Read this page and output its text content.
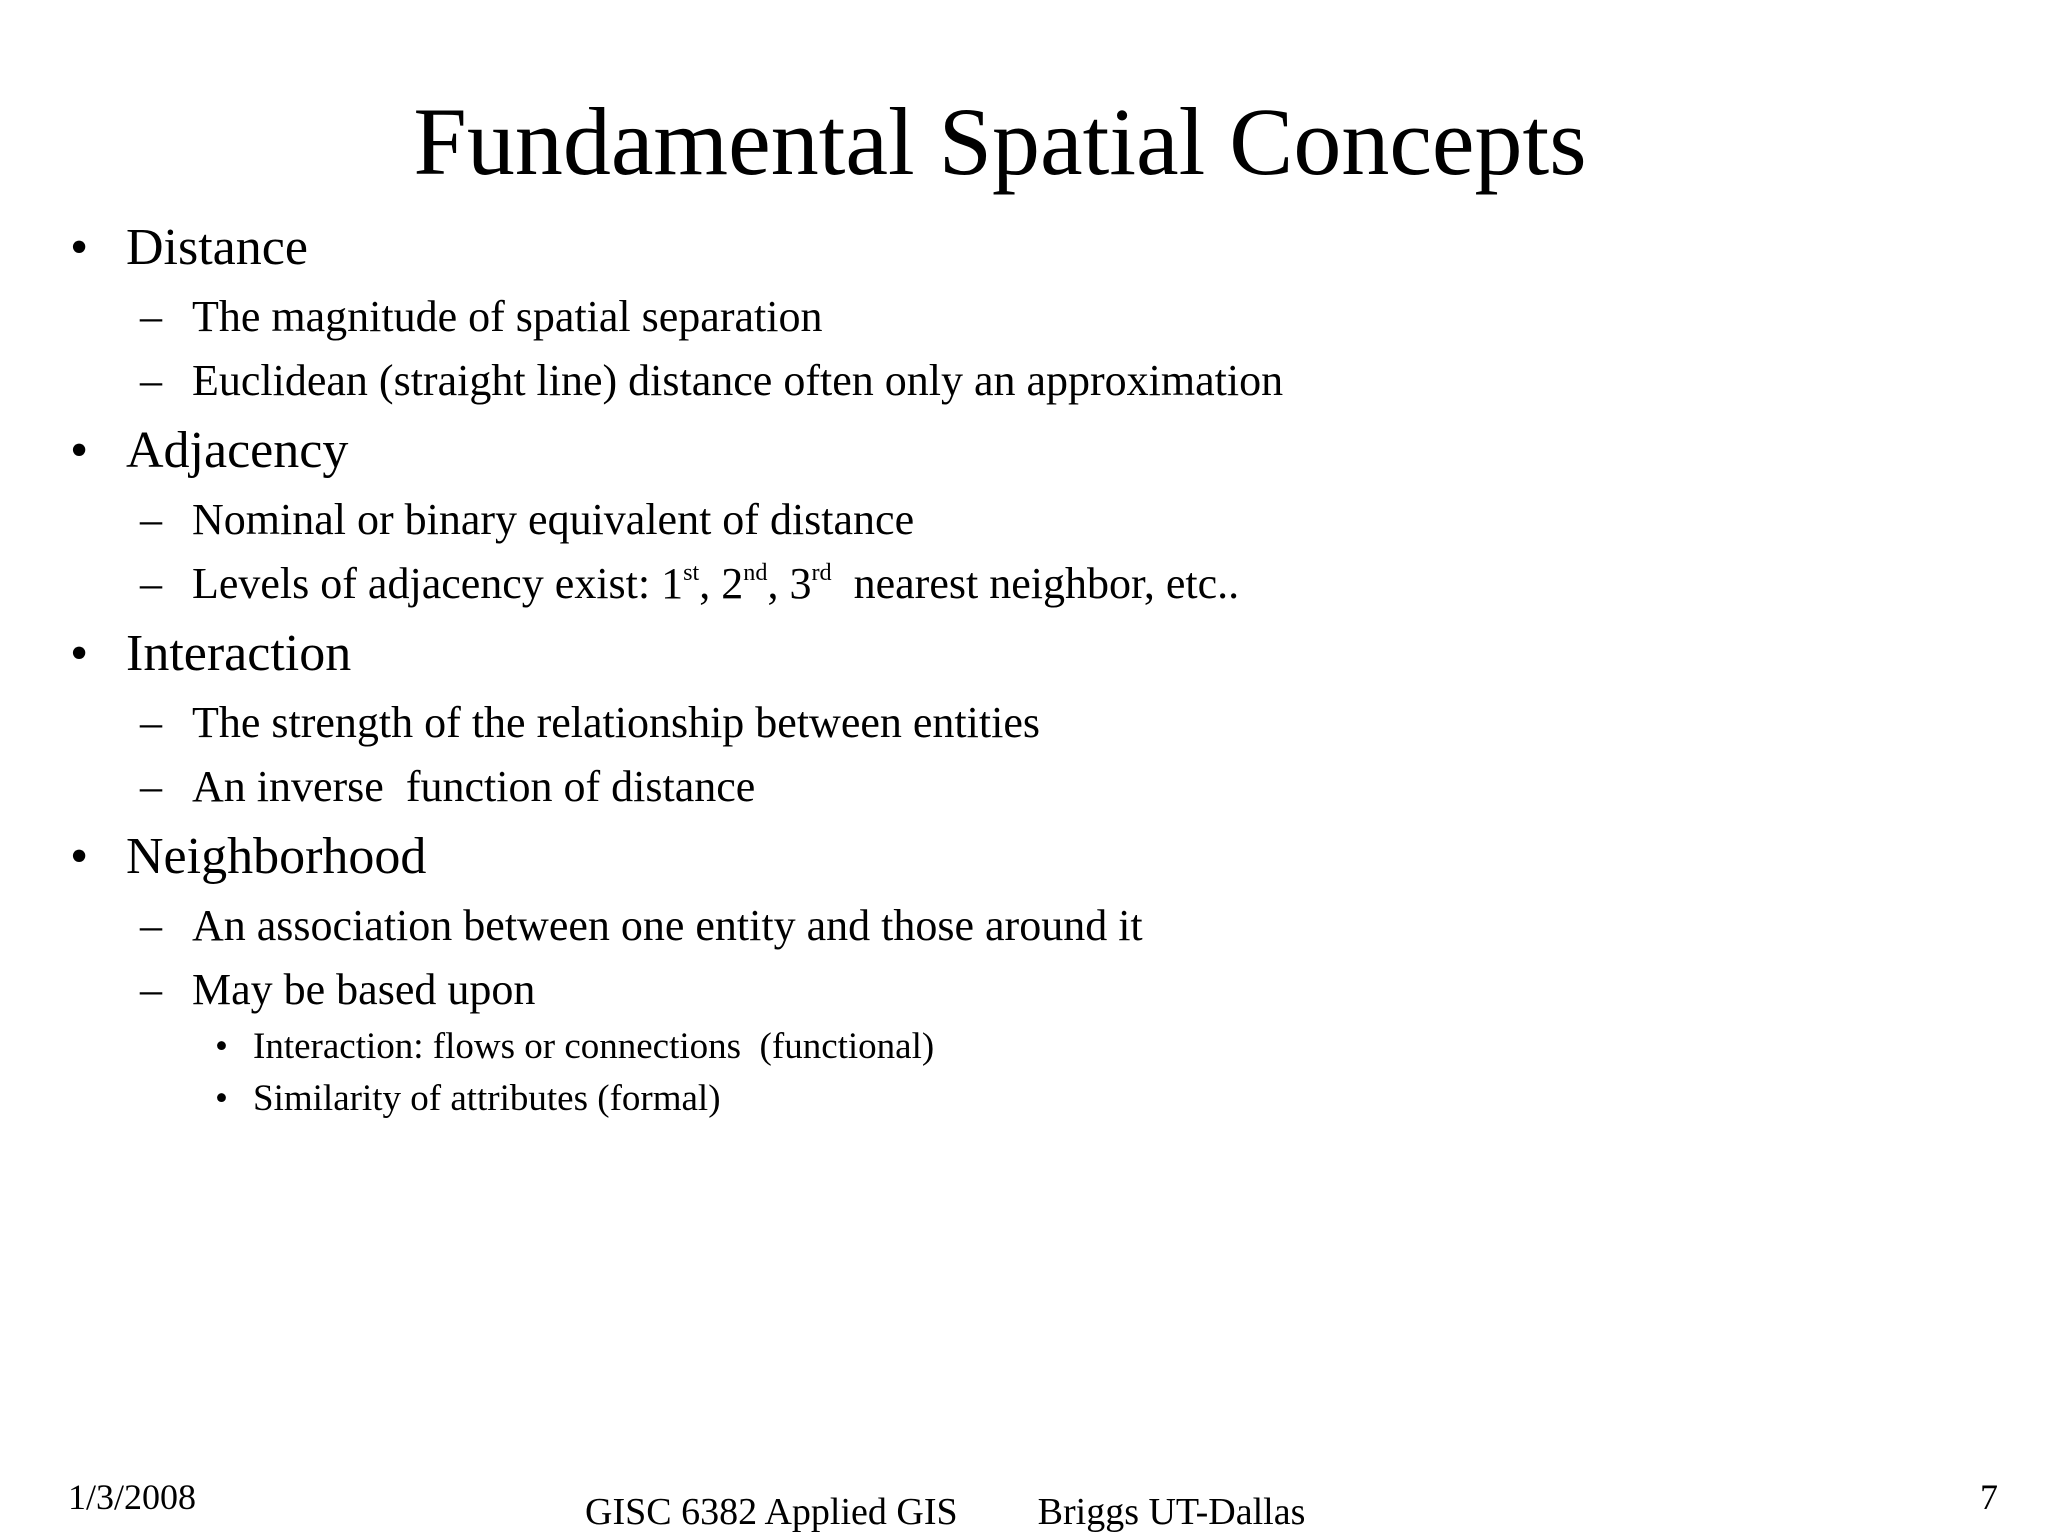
Fundamental Spatial Concepts
• Distance
– The magnitude of spatial separation
– Euclidean (straight line) distance often only an approximation
• Adjacency
– Nominal or binary equivalent of distance
– Levels of adjacency exist: 1st, 2nd, 3rd  nearest neighbor, etc..
• Interaction
– The strength of the relationship between entities
– An inverse  function of distance
• Neighborhood
– An association between one entity and those around it
– May be based upon
• Interaction: flows or connections  (functional)
• Similarity of attributes (formal)
1/3/2008	GISC 6382 Applied GIS Briggs UT-Dallas	7
